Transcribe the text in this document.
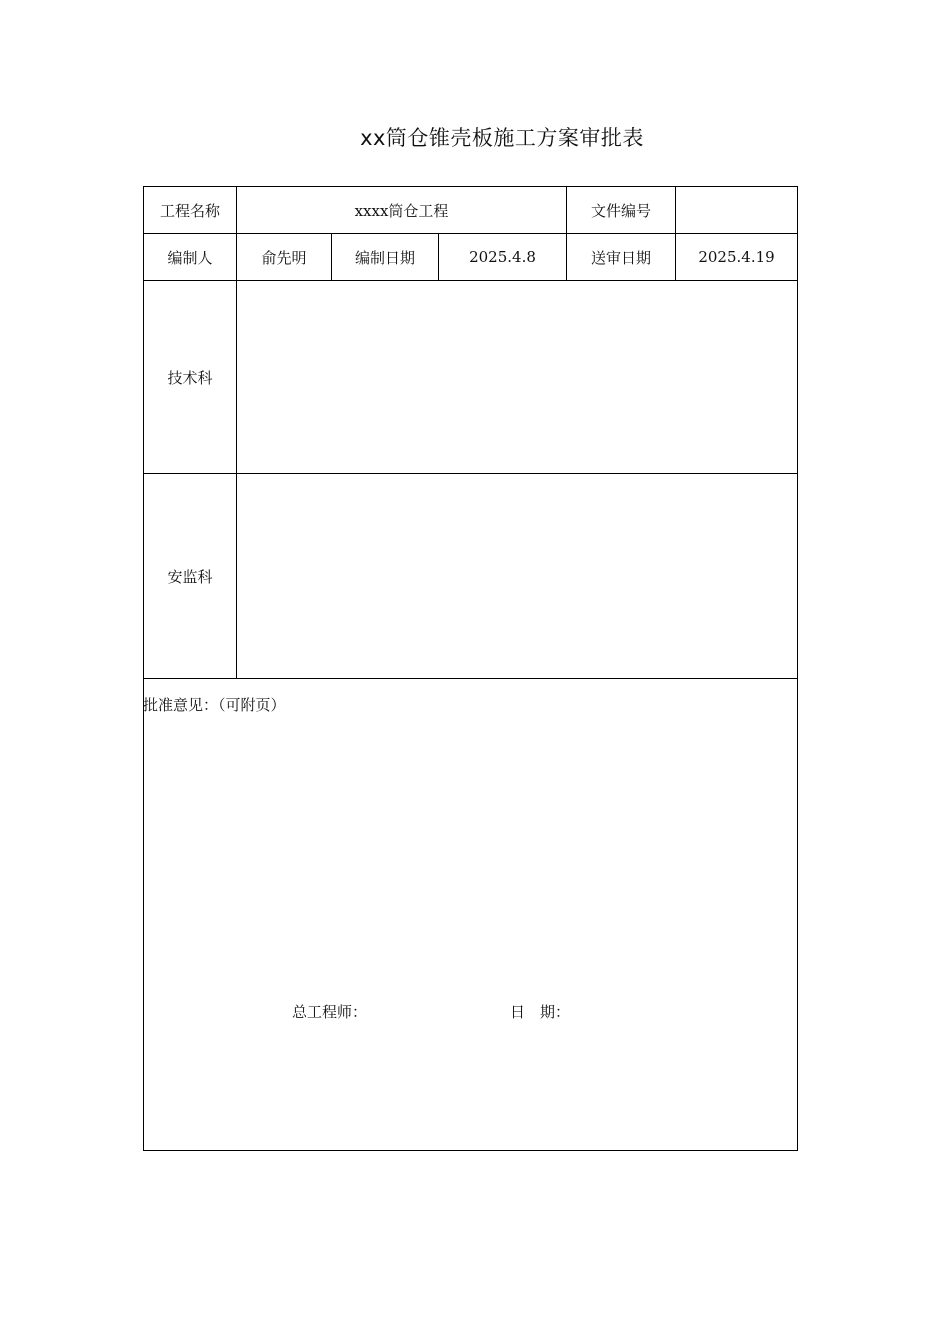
xx筒仓锥壳板施工方案审批表
工程名称	xxxx筒仓工程	文件编号
编制人	俞先明	编制日期	2025.4.8	送审日期	2025.4.19
技术科
安监科
批准意见：（可附页）
总工程师：	日　期：
